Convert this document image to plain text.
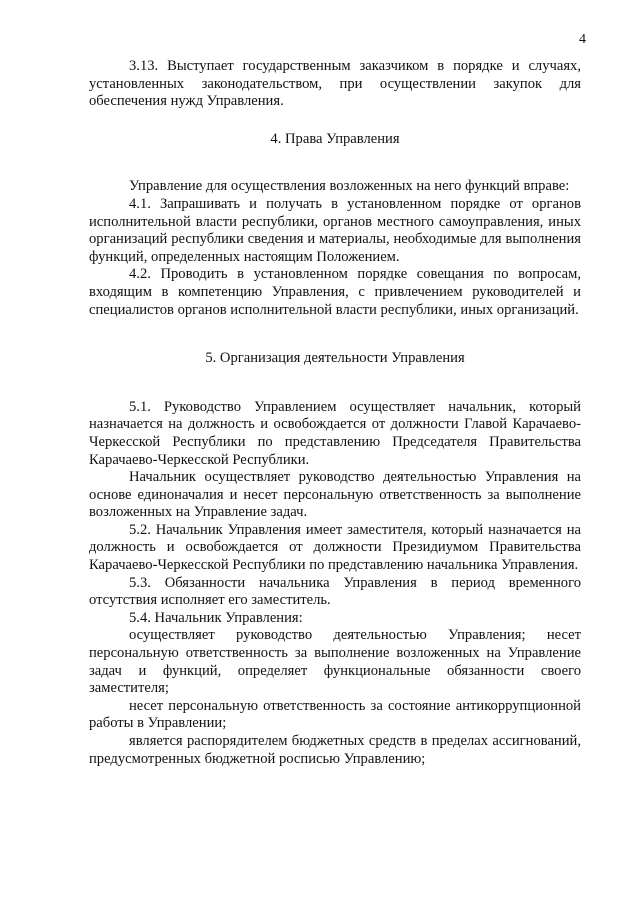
4

3.13. Выступает государственным заказчиком в порядке и случаях, установленных законодательством, при осуществлении закупок для обеспечения нужд Управления.

4. Права Управления

Управление для осуществления возложенных на него функций вправе:

4.1. Запрашивать и получать в установленном порядке от органов исполнительной власти республики, органов местного самоуправления, иных организаций республики сведения и материалы, необходимые для выполнения функций, определенных настоящим Положением.

4.2. Проводить в установленном порядке совещания по вопросам, входящим в компетенцию Управления, с привлечением руководителей и специалистов органов исполнительной власти республики, иных организаций.

5. Организация деятельности Управления

5.1. Руководство Управлением осуществляет начальник, который назначается на должность и освобождается от должности Главой Карачаево-Черкесской Республики по представлению Председателя Правительства Карачаево-Черкесской Республики.

Начальник осуществляет руководство деятельностью Управления на основе единоначалия и несет персональную ответственность за выполнение возложенных на Управление задач.

5.2. Начальник Управления имеет заместителя, который назначается на должность и освобождается от должности Президиумом Правительства Карачаево-Черкесской Республики по представлению начальника Управления.

5.3. Обязанности начальника Управления в период временного отсутствия исполняет его заместитель.

5.4. Начальник Управления:

осуществляет руководство деятельностью Управления; несет персональную ответственность за выполнение возложенных на Управление задач и функций, определяет функциональные обязанности своего заместителя;

несет персональную ответственность за состояние антикоррупционной работы в Управлении;

является распорядителем бюджетных средств в пределах ассигнований, предусмотренных бюджетной росписью Управлению;
